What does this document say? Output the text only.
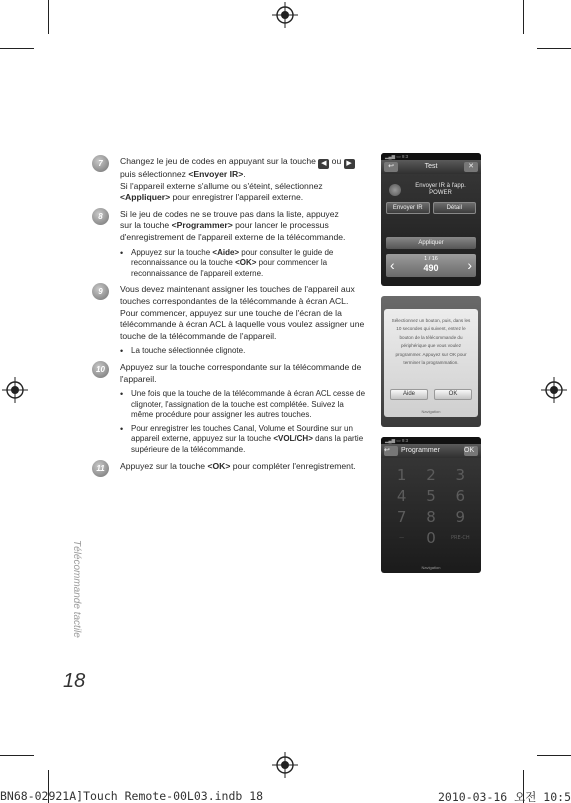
Télécommande tactile
18
7	Changez le jeu de codes en appuyant sur la touche ◀ ou ▶
puis sélectionnez <Envoyer IR>.
Si l'appareil externe s'allume ou s'éteint, sélectionnez
<Appliquer> pour enregistrer l'appareil externe.

8	Si le jeu de codes ne se trouve pas dans la liste, appuyez
sur la touche <Programmer> pour lancer le processus
d'enregistrement de l'appareil externe de la télécommande.

• Appuyez sur la touche <Aide> pour consulter le guide de reconnaissance ou la touche <OK> pour commencer la reconnaissance de l'appareil externe.
9	Vous devez maintenant assigner les touches de l'appareil aux touches correspondantes de la télécommande à écran ACL. Pour commencer, appuyez sur une touche de l'écran de la télécommande à écran ACL à laquelle vous voulez assigner une touche de la télécommande de l'appareil.

• La touche sélectionnée clignote.
10	Appuyez sur la touche correspondante sur la télécommande de l'appareil.

• Une fois que la touche de la télécommande à écran ACL cesse de clignoter, l'assignation de la touche est complétée. Suivez la même procédure pour assigner les autres touches.
• Pour enregistrer les touches Canal, Volume et Sourdine sur un appareil externe, appuyez sur la touche <VOL/CH> dans la partie supérieure de la télécommande.
11	Appuyez sur la touche <OK> pour compléter l'enregistrement.

▂▄▆ ▭ 9:3
↩	Test	✕
Envoyer IR à l'app. POWER
Envoyer IR	Détail
Appliquer
‹	1 / 16
490	›
Sélectionnez un bouton, puis, dans les 10 secondes qui suivent, entrez le bouton de la télécommande du périphérique que vous voulez programmer. Appuyez sur OK pour terminer la programmation.
Aide	OK
Navigation
▂▄▆ ▭ 9:3
↩	Programmer	OK
1	2	3
4	5	6
7	8	9
—	0	PRE-CH
Navigation
BN68-02921A]Touch Remote-00L03.indb 18	2010-03-16 오전 10:5
